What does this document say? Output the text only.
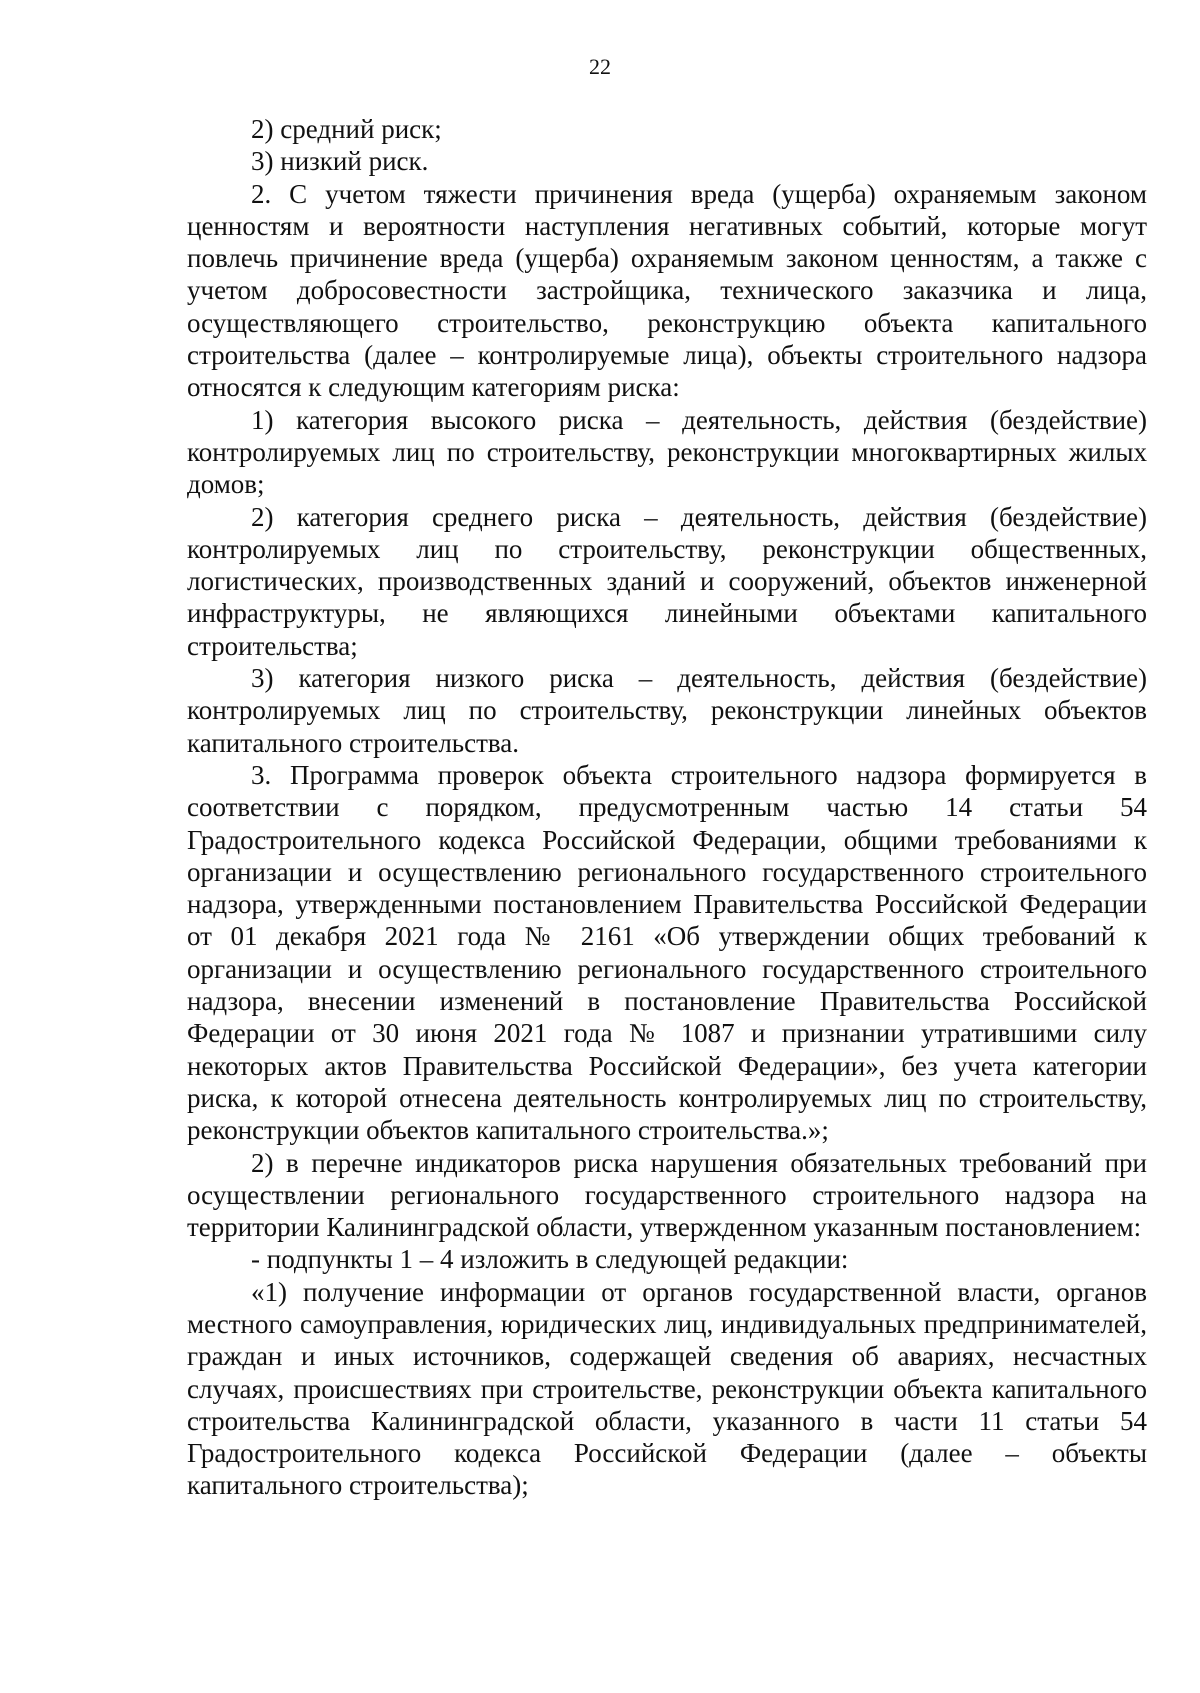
22

2) средний риск;

3) низкий риск.

2. С учетом тяжести причинения вреда (ущерба) охраняемым законом ценностям и вероятности наступления негативных событий, которые могут повлечь причинение вреда (ущерба) охраняемым законом ценностям, а также с учетом добросовестности застройщика, технического заказчика и лица, осуществляющего строительство, реконструкцию объекта капитального строительства (далее – контролируемые лица), объекты строительного надзора относятся к следующим категориям риска:

1) категория высокого риска – деятельность, действия (бездействие) контролируемых лиц по строительству, реконструкции многоквартирных жилых домов;

2) категория среднего риска – деятельность, действия (бездействие) контролируемых лиц по строительству, реконструкции общественных, логистических, производственных зданий и сооружений, объектов инженерной инфраструктуры, не являющихся линейными объектами капитального строительства;

3) категория низкого риска – деятельность, действия (бездействие) контролируемых лиц по строительству, реконструкции линейных объектов капитального строительства.

3. Программа проверок объекта строительного надзора формируется в соответствии с порядком, предусмотренным частью 14 статьи 54 Градостроительного кодекса Российской Федерации, общими требованиями к организации и осуществлению регионального государственного строительного надзора, утвержденными постановлением Правительства Российской Федерации от 01 декабря 2021 года № 2161 «Об утверждении общих требований к организации и осуществлению регионального государственного строительного надзора, внесении изменений в постановление Правительства Российской Федерации от 30 июня 2021 года № 1087 и признании утратившими силу некоторых актов Правительства Российской Федерации», без учета категории риска, к которой отнесена деятельность контролируемых лиц по строительству, реконструкции объектов капитального строительства.»;

2) в перечне индикаторов риска нарушения обязательных требований при осуществлении регионального государственного строительного надзора на территории Калининградской области, утвержденном указанным постановлением:

- подпункты 1 – 4 изложить в следующей редакции:

«1) получение информации от органов государственной власти, органов местного самоуправления, юридических лиц, индивидуальных предпринимателей, граждан и иных источников, содержащей сведения об авариях, несчастных случаях, происшествиях при строительстве, реконструкции объекта капитального строительства Калининградской области, указанного в части 11 статьи 54 Градостроительного кодекса Российской Федерации (далее – объекты капитального строительства);
